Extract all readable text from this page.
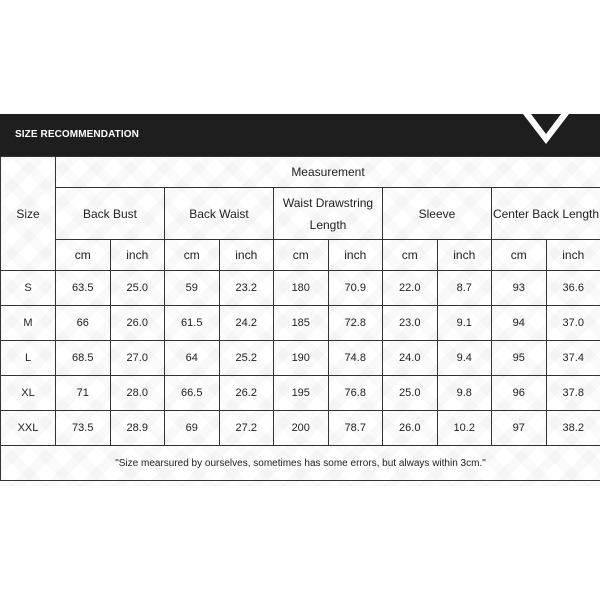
SIZE RECOMMENDATION
Size	Measurement									
	Back Bust		Back Waist		Waist Drawstring Length		Sleeve		Center Back Length	
	cm	inch	cm	inch	cm	inch	cm	inch	cm	inch
S	63.5	25.0	59	23.2	180	70.9	22.0	8.7	93	36.6
M	66	26.0	61.5	24.2	185	72.8	23.0	9.1	94	37.0
L	68.5	27.0	64	25.2	190	74.8	24.0	9.4	95	37.4
XL	71	28.0	66.5	26.2	195	76.8	25.0	9.8	96	37.8
XXL	73.5	28.9	69	27.2	200	78.7	26.0	10.2	97	38.2
"Size mearsured by ourselves, sometimes has some errors, but always within 3cm."										
